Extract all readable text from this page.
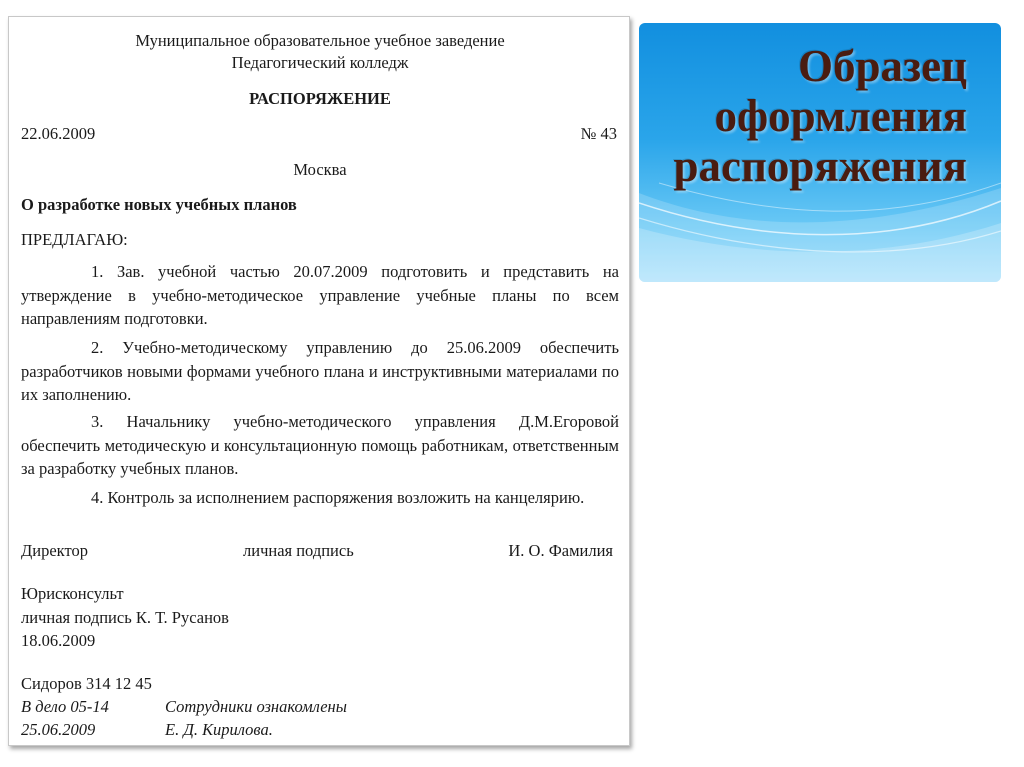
Муниципальное образовательное учебное заведение
Педагогический колледж
РАСПОРЯЖЕНИЕ
22.06.2009	№ 43
Москва
О разработке новых учебных планов
ПРЕДЛАГАЮ:
1. Зав. учебной частью 20.07.2009 подготовить и представить на утверждение в учебно-методическое управление учебные планы по всем направлениям подготовки.
2. Учебно-методическому управлению до 25.06.2009 обеспечить разработчиков новыми формами учебного плана и инструктивными материалами по их заполнению.
3. Начальнику учебно-методического управления Д.М.Егоровой обеспечить методическую и консультационную помощь работникам, ответственным за разработку учебных планов.
4. Контроль за исполнением распоряжения возложить на канцелярию.
Директор	личная подпись	И. О. Фамилия
Юрисконсульт
личная подпись К. Т. Русанов
18.06.2009
Сидоров 314 12 45
В дело 05-14	Сотрудники ознакомлены
25.06.2009	Е. Д. Кирилова.
Образец
оформления
распоряжения
